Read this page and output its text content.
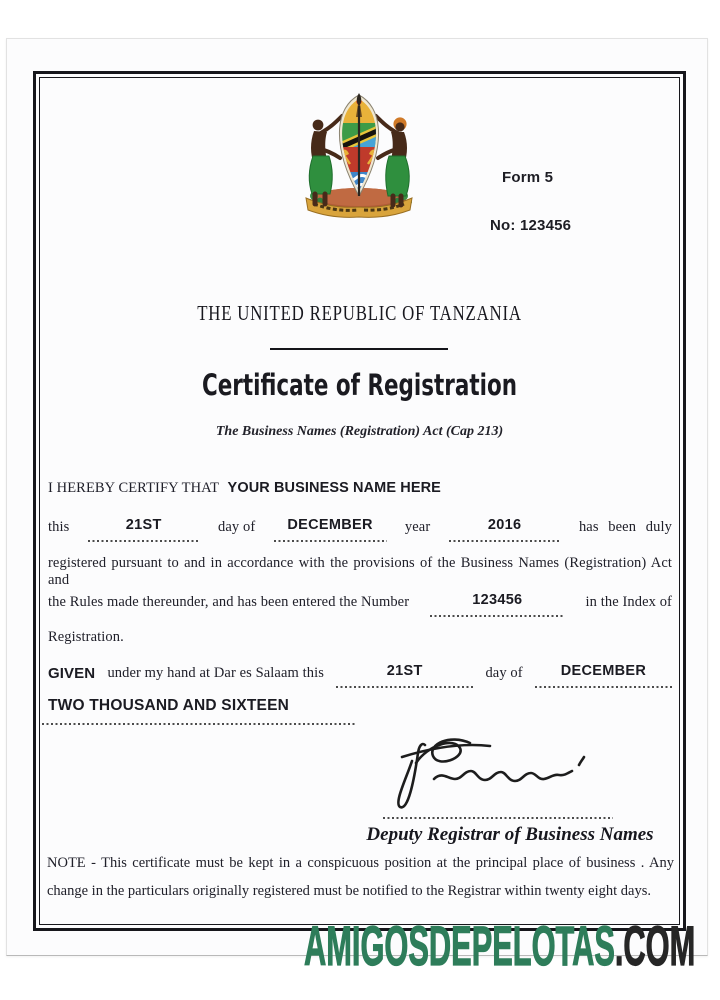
Form 5
No: 123456
THE UNITED REPUBLIC OF TANZANIA
Certificate of Registration
The Business Names (Registration) Act (Cap 213)
I HEREBY CERTIFY THAT YOUR BUSINESS NAME HERE
this	21ST	day of	DECEMBER	year	2016	has been duly
registered pursuant to and in accordance with the provisions of the Business Names (Registration) Act and
the Rules made thereunder, and has been entered the Number	123456	in the Index of
Registration.
GIVEN under my hand at Dar es Salaam this	21ST	day of	DECEMBER
TWO THOUSAND AND SIXTEEN
Deputy Registrar of Business Names
NOTE - This certificate must be kept in a conspicuous position at the principal place of business . Any change in the particulars originally registered must be notified to the Registrar within twenty eight days.
AMIGOSDEPELOTAS.COM
